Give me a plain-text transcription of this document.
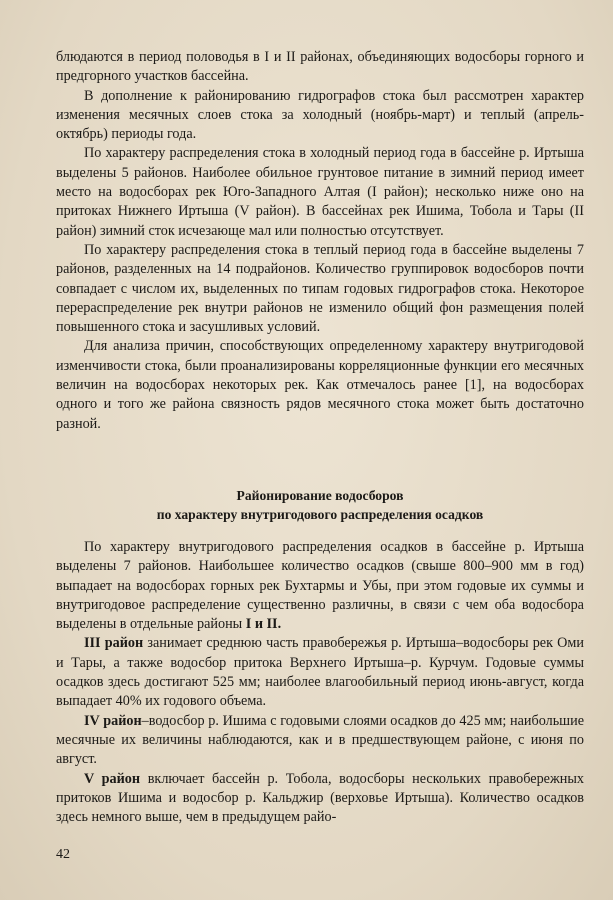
блюдаются в период половодья в I и II районах, объединяющих водосборы горного и предгорного участков бассейна.

В дополнение к районированию гидрографов стока был рассмотрен характер изменения месячных слоев стока за холодный (ноябрь-март) и теплый (апрель-октябрь) периоды года.

По характеру распределения стока в холодный период года в бассейне р. Иртыша выделены 5 районов. Наиболее обильное грунтовое питание в зимний период имеет место на водосборах рек Юго-Западного Алтая (I район); несколько ниже оно на притоках Нижнего Иртыша (V район). В бассейнах рек Ишима, Тобола и Тары (II район) зимний сток исчезающе мал или полностью отсутствует.

По характеру распределения стока в теплый период года в бассейне выделены 7 районов, разделенных на 14 подрайонов. Количество группировок водосборов почти совпадает с числом их, выделенных по типам годовых гидрографов стока. Некоторое перераспределение рек внутри районов не изменило общий фон размещения полей повышенного стока и засушливых условий.

Для анализа причин, способствующих определенному характеру внутригодовой изменчивости стока, были проанализированы корреляционные функции его месячных величин на водосборах некоторых рек. Как отмечалось ранее [1], на водосборах одного и того же района связность рядов месячного стока может быть достаточно разной.

Районирование водосборов
по характеру внутригодового распределения осадков

По характеру внутригодового распределения осадков в бассейне р. Иртыша выделены 7 районов. Наибольшее количество осадков (свыше 800–900 мм в год) выпадает на водосборах горных рек Бухтармы и Убы, при этом годовые их суммы и внутригодовое распределение существенно различны, в связи с чем оба водосбора выделены в отдельные районы I и II.

III район занимает среднюю часть правобережья р. Иртыша–водосборы рек Оми и Тары, а также водосбор притока Верхнего Иртыша–р. Курчум. Годовые суммы осадков здесь достигают 525 мм; наиболее влагообильный период июнь-август, когда выпадает 40% их годового объема.

IV район–водосбор р. Ишима с годовыми слоями осадков до 425 мм; наибольшие месячные их величины наблюдаются, как и в предшествующем районе, с июня по август.

V район включает бассейн р. Тобола, водосборы нескольких правобережных притоков Ишима и водосбор р. Кальджир (верховье Иртыша). Количество осадков здесь немного выше, чем в предыдущем райо-

42
